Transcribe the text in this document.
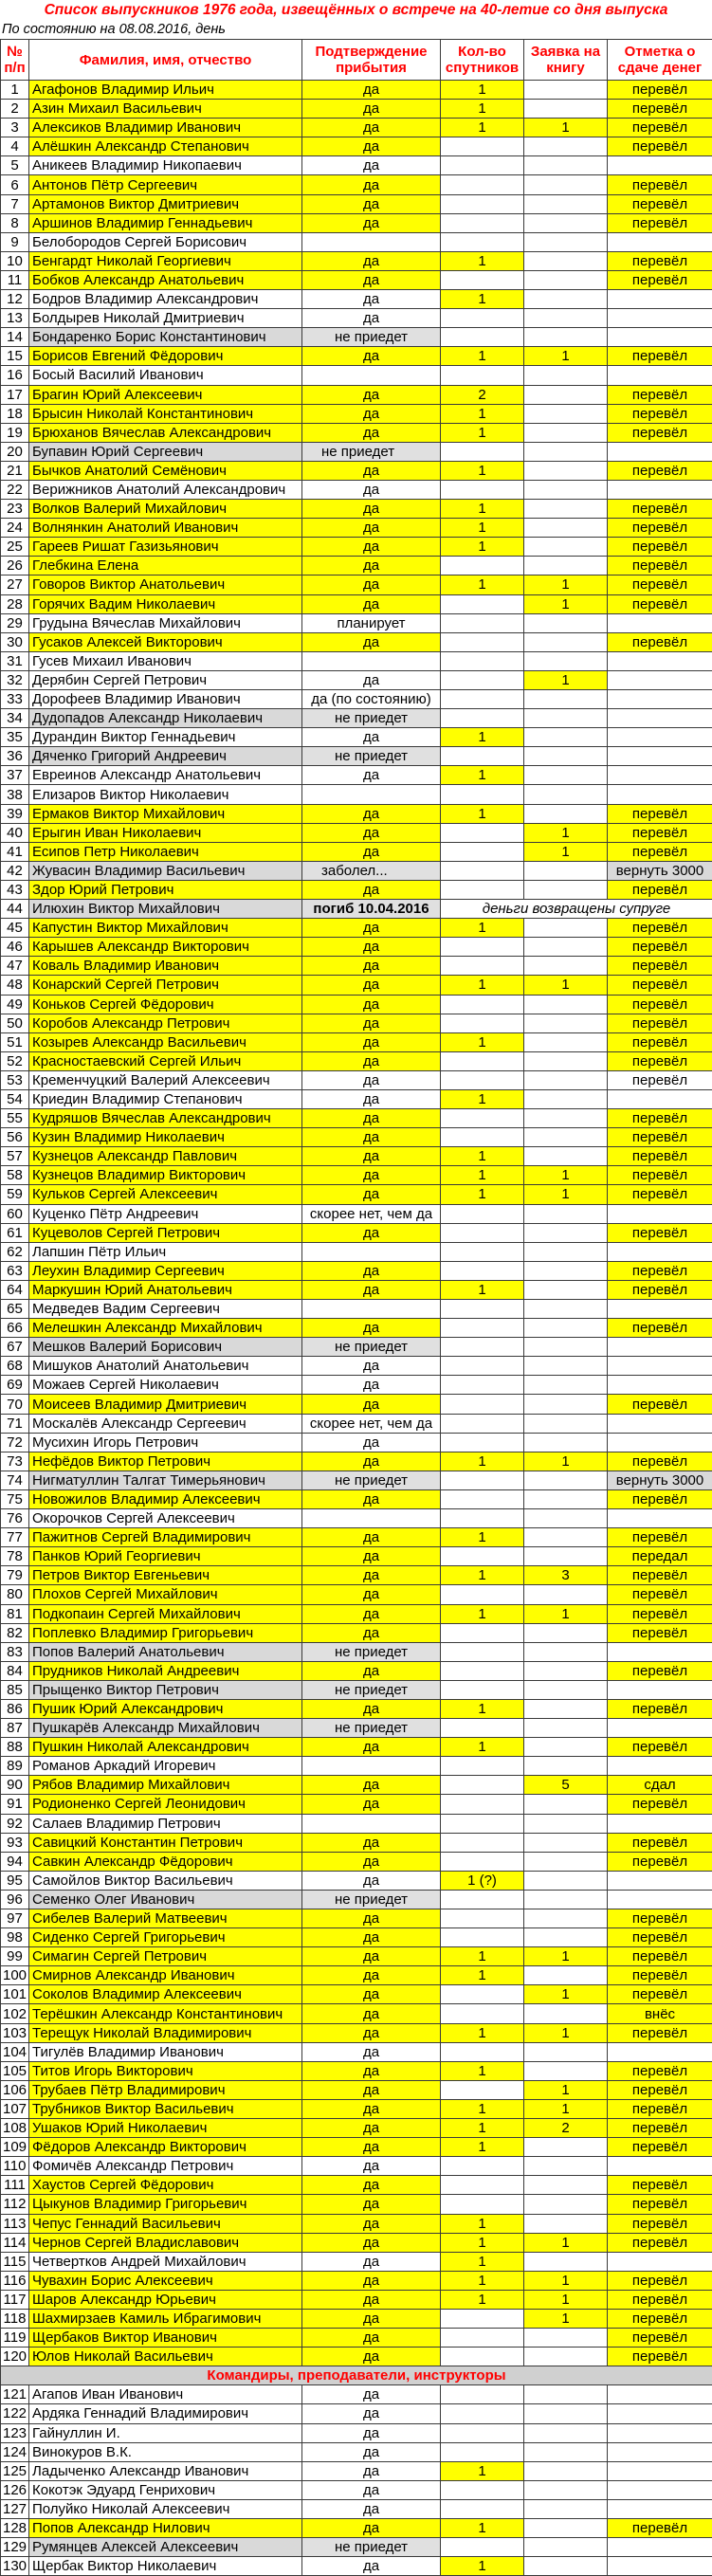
Список выпускников 1976 года, извещённых о встрече на 40-летие со дня выпуска
По состоянию на 08.08.2016, день
№ п/п	Фамилия, имя, отчество	Подтверждение прибытия	Кол-во спутников	Заявка на книгу	Отметка о сдаче денег
1	Агафонов Владимир Ильич	да	1		перевёл
2	Азин Михаил Васильевич	да	1		перевёл
3	Алексиков Владимир Иванович	да	1	1	перевёл
4	Алёшкин Александр Степанович	да			перевёл
5	Аникеев Владимир Никопаевич	да			
6	Антонов Пётр Сергеевич	да			перевёл
7	Артамонов Виктор Дмитриевич	да			перевёл
8	Аршинов Владимир Геннадьевич	да			перевёл
9	Белобородов Сергей Борисович				
10	Бенгардт Николай Георгиевич	да	1		перевёл
11	Бобков Александр Анатольевич	да			перевёл
12	Бодров Владимир Александрович	да	1		
13	Болдырев Николай Дмитриевич	да			
14	Бондаренко Борис Константинович	не приедет			
15	Борисов Евгений Фёдорович	да	1	1	перевёл
16	Босый Василий Иванович				
17	Брагин Юрий Алексеевич	да	2		перевёл
18	Брысин Николай Константинович	да	1		перевёл
19	Брюханов Вячеслав Александрович	да	1		перевёл
20	Бупавин Юрий Сергеевич	не приедет			
21	Бычков Анатолий Семёнович	да	1		перевёл
22	Верижников Анатолий Александрович	да			
23	Волков Валерий Михайлович	да	1		перевёл
24	Волнянкин Анатолий Иванович	да	1		перевёл
25	Гареев Ришат Газизьянович	да	1		перевёл
26	Глебкина Елена	да			перевёл
27	Говоров Виктор Анатольевич	да	1	1	перевёл
28	Горячих Вадим Николаевич	да		1	перевёл
29	Грудына Вячеслав Михайлович	планирует			
30	Гусаков Алексей Викторович	да			перевёл
31	Гусев Михаил Иванович				
32	Дерябин Сергей Петрович	да		1	
33	Дорофеев Владимир Иванович	да (по состоянию)			
34	Дудопадов Александр Николаевич	не приедет			
35	Дурандин Виктор Геннадьевич	да	1		
36	Дяченко Григорий Андреевич	не приедет			
37	Евреинов Александр Анатольевич	да	1		
38	Елизаров Виктор Николаевич				
39	Ермаков Виктор Михайлович	да	1		перевёл
40	Ерыгин Иван Николаевич	да		1	перевёл
41	Есипов Петр Николаевич	да		1	перевёл
42	Жувасин Владимир Васильевич	заболел...			вернуть 3000
43	Здор Юрий Петрович	да			перевёл
44	Илюхин Виктор Михайлович	погиб 10.04.2016	деньги возвращены супруге		
45	Капустин Виктор Михайлович	да	1		перевёл
46	Карышев Александр Викторович	да			перевёл
47	Коваль Владимир Иванович	да			перевёл
48	Конарский Сергей Петрович	да	1	1	перевёл
49	Коньков Сергей Фёдорович	да			перевёл
50	Коробов Александр Петрович	да			перевёл
51	Козырев Александр Васильевич	да	1		перевёл
52	Красностаевский Сергей Ильич	да			перевёл
53	Кременчуцкий Валерий Алексеевич	да			перевёл
54	Криедин Владимир Степанович	да	1		
55	Кудряшов Вячеслав Александрович	да			перевёл
56	Кузин Владимир Николаевич	да			перевёл
57	Кузнецов Александр Павлович	да	1		перевёл
58	Кузнецов Владимир Викторович	да	1	1	перевёл
59	Кульков Сергей Алексеевич	да	1	1	перевёл
60	Куценко Пётр Андреевич	скорее нет, чем да			
61	Куцеволов Сергей Петрович	да			перевёл
62	Лапшин Пётр Ильич				
63	Леухин Владимир Сергеевич	да			перевёл
64	Маркушин Юрий Анатольевич	да	1		перевёл
65	Медведев Вадим Сергеевич				
66	Мелешкин Александр Михайлович	да			перевёл
67	Мешков Валерий Борисович	не приедет			
68	Мишуков Анатолий Анатольевич	да			
69	Можаев Сергей Николаевич	да			
70	Моисеев Владимир Дмитриевич	да			перевёл
71	Москалёв Александр Сергеевич	скорее нет, чем да			
72	Мусихин Игорь Петрович	да			
73	Нефёдов Виктор Петрович	да	1	1	перевёл
74	Нигматуллин Талгат Тимерьянович	не приедет			вернуть 3000
75	Новожилов Владимир Алексеевич	да			перевёл
76	Окорочков Сергей Алексеевич				
77	Пажитнов Сергей Владимирович	да	1		перевёл
78	Панков Юрий Георгиевич	да			передал
79	Петров Виктор Евгеньевич	да	1	3	перевёл
80	Плохов Сергей Михайлович	да			перевёл
81	Подкопаин Сергей Михайлович	да	1	1	перевёл
82	Поплевко Владимир Григорьевич	да			перевёл
83	Попов Валерий Анатольевич	не приедет			
84	Прудников Николай Андреевич	да			перевёл
85	Прыщенко Виктор Петрович	не приедет			
86	Пушик Юрий Александрович	да	1		перевёл
87	Пушкарёв Александр Михайлович	не приедет			
88	Пушкин Николай Александрович	да	1		перевёл
89	Романов Аркадий Игоревич				
90	Рябов Владимир Михайлович	да		5	сдал
91	Родионенко Сергей Леонидович	да			перевёл
92	Салаев Владимир Петрович				
93	Савицкий Константин Петрович	да			перевёл
94	Савкин Александр Фёдорович	да			перевёл
95	Самойлов Виктор Васильевич	да	1 (?)		
96	Семенко Олег Иванович	не приедет			
97	Сибелев Валерий Матвеевич	да			перевёл
98	Сиденко Сергей Григорьевич	да			перевёл
99	Симагин Сергей Петрович	да	1	1	перевёл
100	Смирнов Александр Иванович	да	1		перевёл
101	Соколов Владимир Алексеевич	да		1	перевёл
102	Терёшкин Александр Константинович	да			внёс
103	Терещук Николай Владимирович	да	1	1	перевёл
104	Тигулёв Владимир Иванович	да			
105	Титов Игорь Викторович	да	1		перевёл
106	Трубаев Пётр Владимирович	да		1	перевёл
107	Трубников Виктор Васильевич	да	1	1	перевёл
108	Ушаков Юрий Николаевич	да	1	2	перевёл
109	Фёдоров Александр Викторович	да	1		перевёл
110	Фомичёв Александр Петрович	да			
111	Хаустов Сергей Фёдорович	да			перевёл
112	Цыкунов Владимир Григорьевич	да			перевёл
113	Чепус Геннадий Васильевич	да	1		перевёл
114	Чернов Сергей Владиславович	да	1	1	перевёл
115	Четвертков Андрей Михайлович	да	1		
116	Чувахин Борис Алексеевич	да	1	1	перевёл
117	Шаров Александр Юрьевич	да	1	1	перевёл
118	Шахмирзаев Камиль Ибрагимович	да		1	перевёл
119	Щербаков Виктор Иванович	да			перевёл
120	Юлов Николай Васильевич	да			перевёл
Командиры, преподаватели, инструкторы					
121	Агапов Иван Иванович	да			
122	Ардяка Геннадий Владимирович	да			
123	Гайнуллин И.	да			
124	Винокуров В.К.	да			
125	Ладыченко Александр Иванович	да	1		
126	Кокотэк Эдуард Генрихович	да			
127	Полуйко Николай Алексеевич	да			
128	Попов Александр Нилович	да	1		перевёл
129	Румянцев Алексей Алексеевич	не приедет			
130	Щербак Виктор Николаевич	да	1		
